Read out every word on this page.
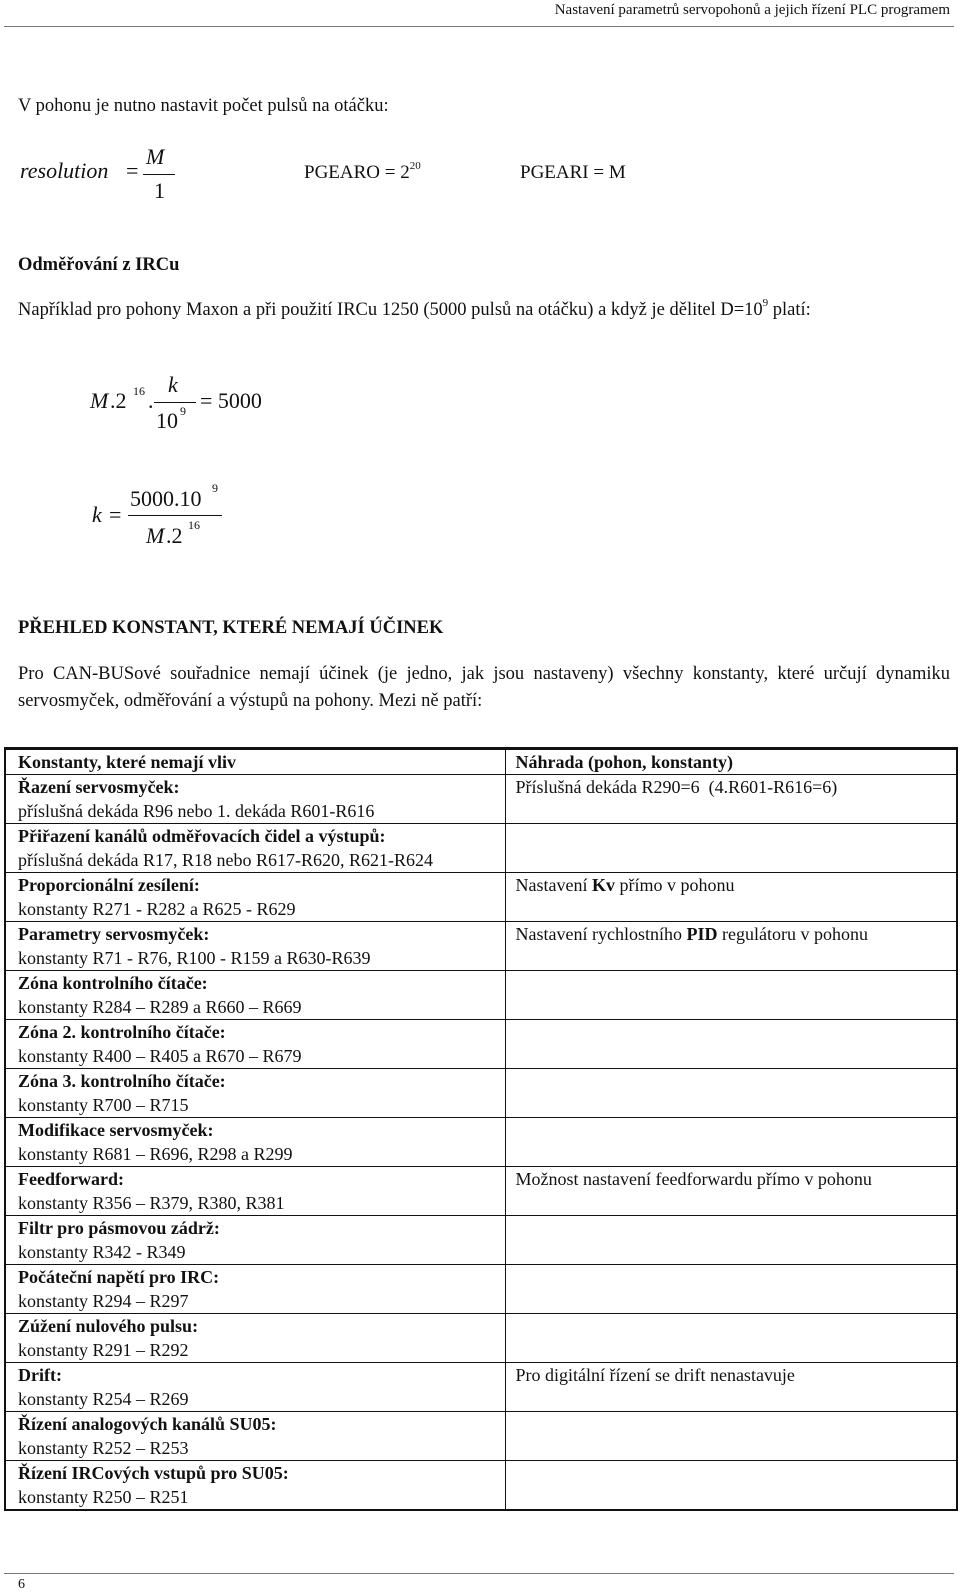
Nastavení parametrů servopohonů a jejich řízení PLC programem
V pohonu je nutno nastavit počet pulsů na otáčku:
resolution =
M
1
PGEARO = $2^{20}$	PGEARI = M
Odměřování z IRCu
Například pro pohony Maxon a při použití IRCu 1250 (5000 pulsů na otáčku) a když je dělitel $D=10^9$ platí:
M .2 16 .
k
10 9 = 5000
k =
5000.10 9
M .2 16
PŘEHLED KONSTANT, KTERÉ NEMAJÍ ÚČINEK
Pro CAN-BUSové souřadnice nemají účinek (je jedno, jak jsou nastaveny) všechny konstanty, které určují dynamiku servosmyček, odměřování a výstupů na pohony. Mezi ně patří:
Konstanty, které nemají vliv	Náhrada (pohon, konstanty)

Řazení servosmyček:
příslušná dekáda R96 nebo 1. dekáda R601-R616	Příslušná dekáda R290=6  (4.R601-R616=6)

Přiřazení kanálů odměřovacích čidel a výstupů:
příslušná dekáda R17, R18 nebo R617-R620, R621-R624	

Proporcionální zesílení:
konstanty R271 - R282 a R625 - R629	Nastavení Kv přímo v pohonu

Parametry servosmyček:
konstanty R71 - R76, R100 - R159 a R630-R639	Nastavení rychlostního PID regulátoru v pohonu

Zóna kontrolního čítače:
konstanty R284 – R289 a R660 – R669	

Zóna 2. kontrolního čítače:
konstanty R400 – R405 a R670 – R679	

Zóna 3. kontrolního čítače:
konstanty R700 – R715	

Modifikace servosmyček:
konstanty R681 – R696, R298 a R299	

Feedforward:
konstanty R356 – R379, R380, R381	Možnost nastavení feedforwardu přímo v pohonu

Filtr pro pásmovou zádrž:
konstanty R342 - R349	

Počáteční napětí pro IRC:
konstanty R294 – R297	

Zúžení nulového pulsu:
konstanty R291 – R292	

Drift:
konstanty R254 – R269	Pro digitální řízení se drift nenastavuje

Řízení analogových kanálů SU05:
konstanty R252 – R253	

Řízení IRCových vstupů pro SU05:
konstanty R250 – R251	

6
